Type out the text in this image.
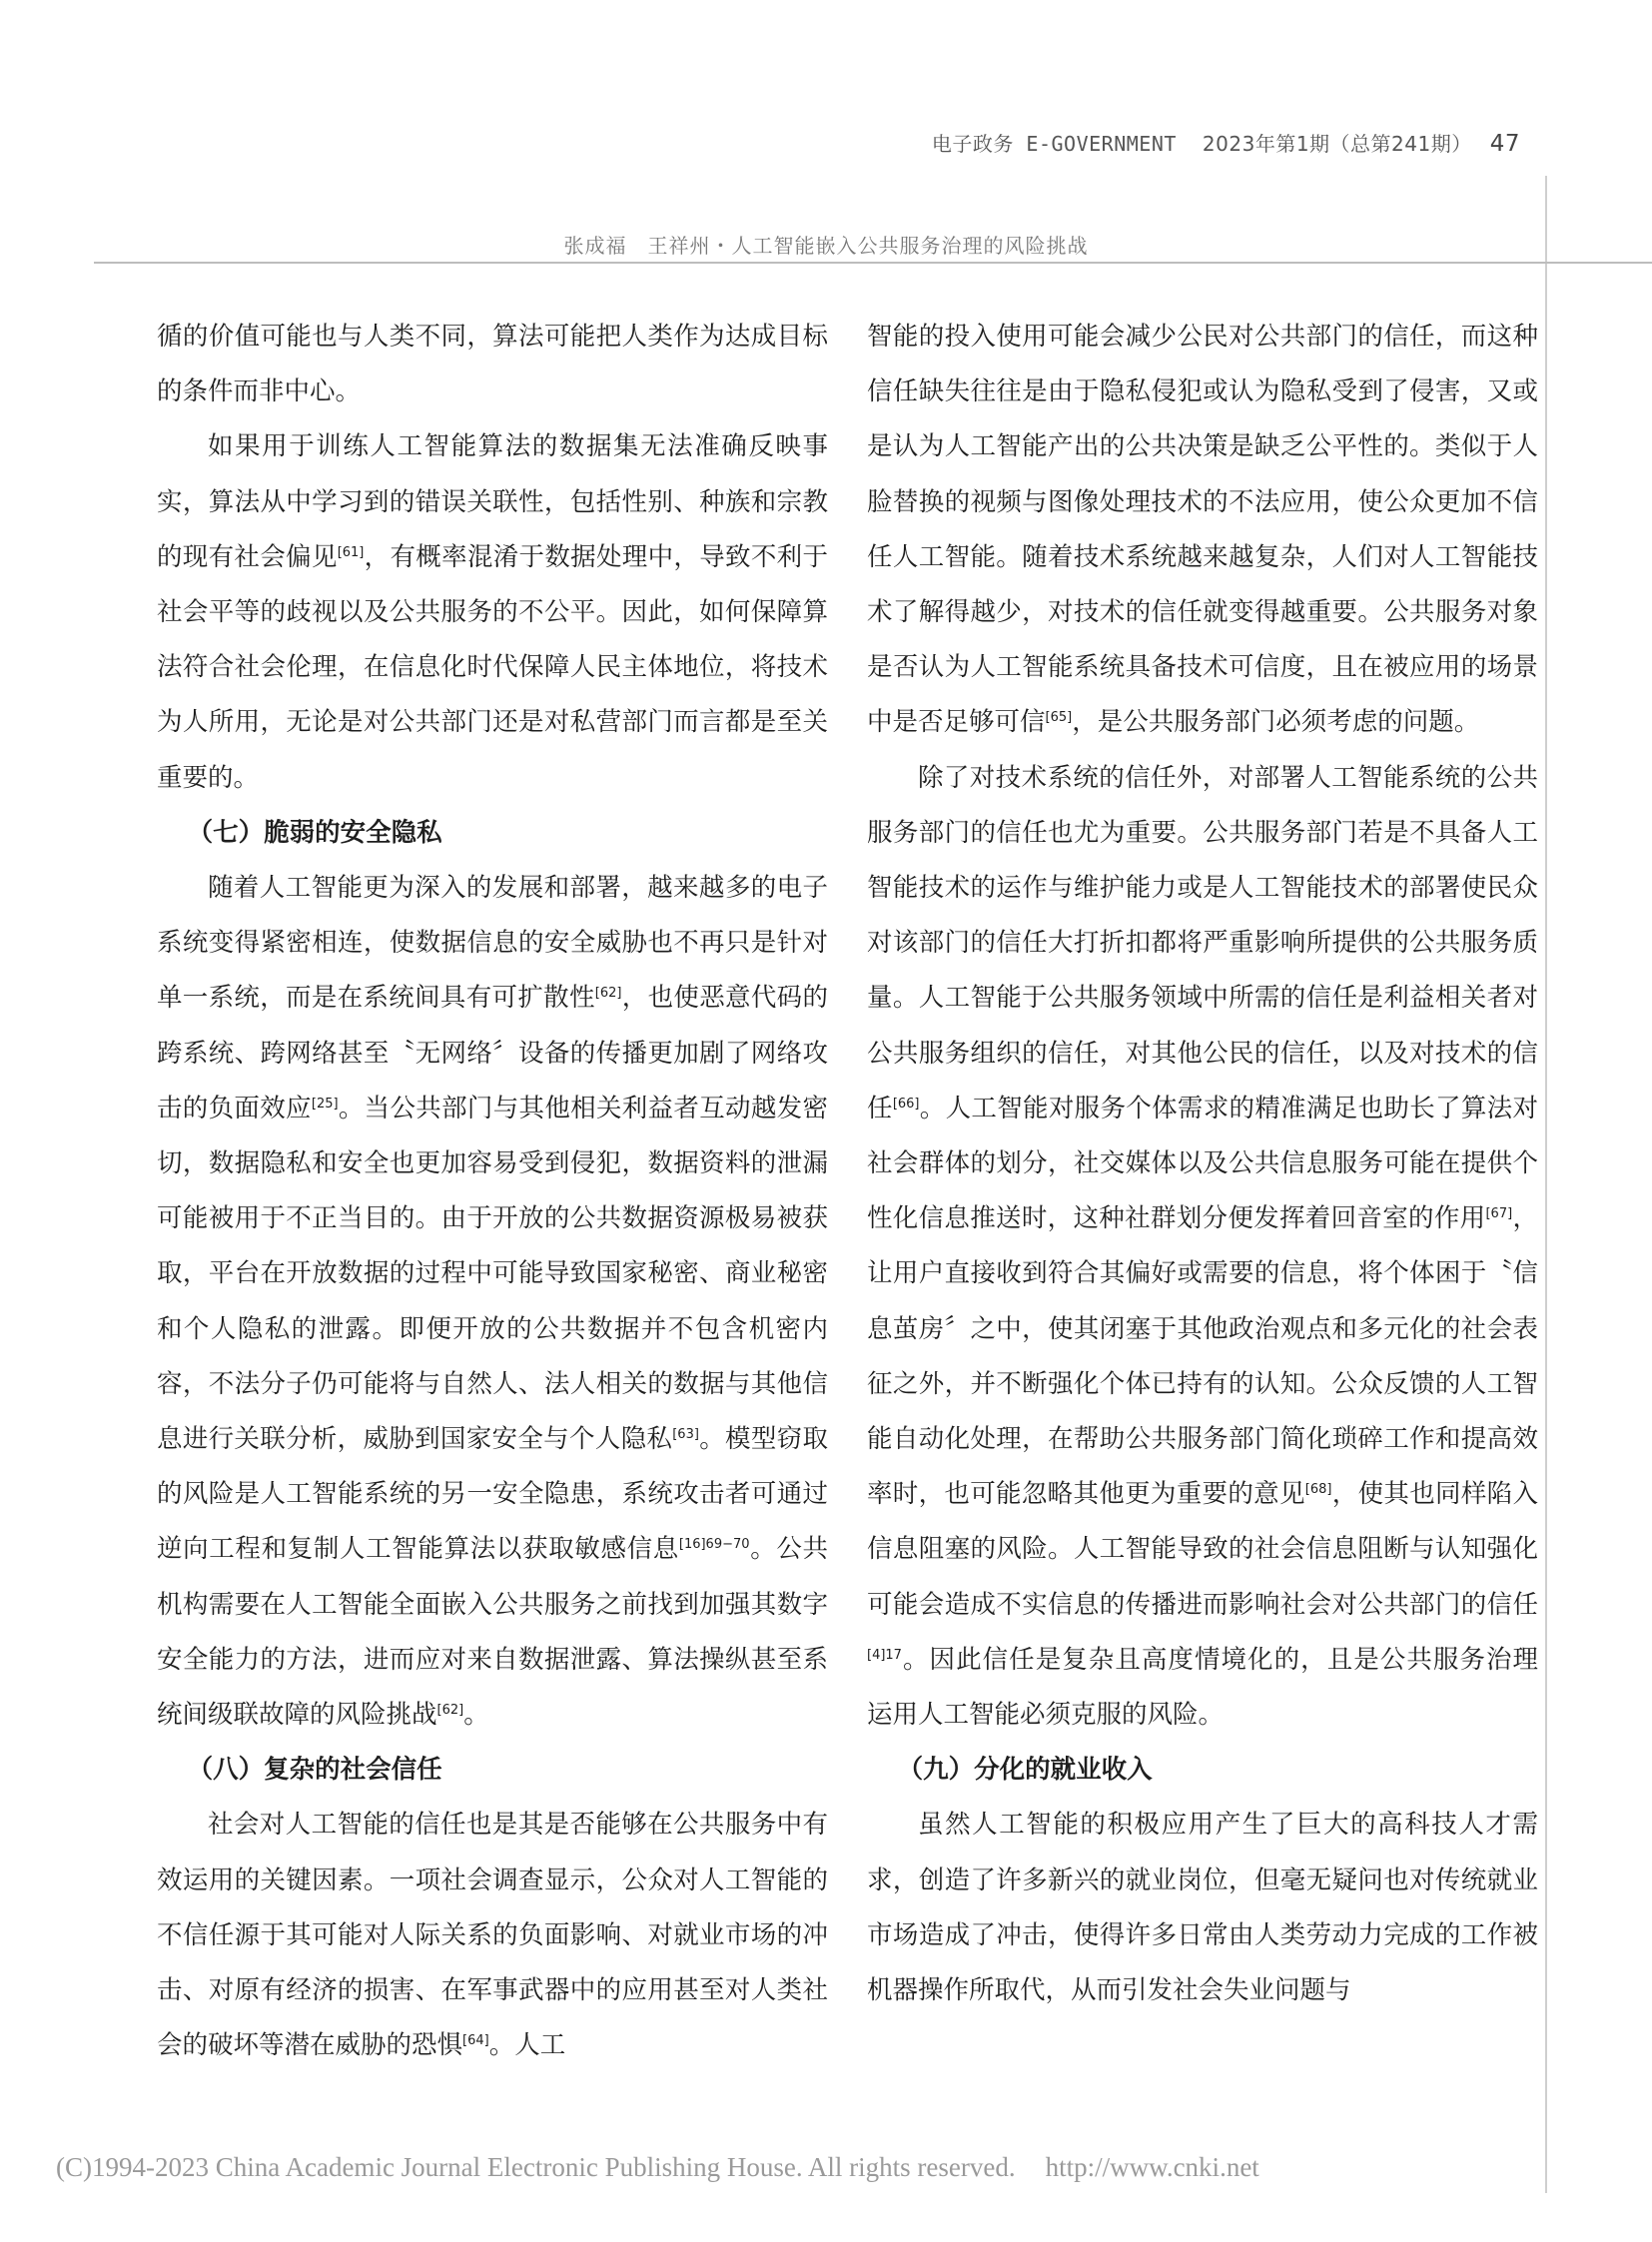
电子政务 E-GOVERNMENT 2023年第1期（总第241期） 47
张成福　王祥州・人工智能嵌入公共服务治理的风险挑战

循的价值可能也与人类不同，算法可能把人类作为达成目标的条件而非中心。

如果用于训练人工智能算法的数据集无法准确反映事实，算法从中学习到的错误关联性，包括性别、种族和宗教的现有社会偏见[61]，有概率混淆于数据处理中，导致不利于社会平等的歧视以及公共服务的不公平。因此，如何保障算法符合社会伦理，在信息化时代保障人民主体地位，将技术为人所用，无论是对公共部门还是对私营部门而言都是至关重要的。

（七）脆弱的安全隐私

随着人工智能更为深入的发展和部署，越来越多的电子系统变得紧密相连，使数据信息的安全威胁也不再只是针对单一系统，而是在系统间具有可扩散性[62]，也使恶意代码的跨系统、跨网络甚至〝无网络〞设备的传播更加剧了网络攻击的负面效应[25]。当公共部门与其他相关利益者互动越发密切，数据隐私和安全也更加容易受到侵犯，数据资料的泄漏可能被用于不正当目的。由于开放的公共数据资源极易被获取，平台在开放数据的过程中可能导致国家秘密、商业秘密和个人隐私的泄露。即便开放的公共数据并不包含机密内容，不法分子仍可能将与自然人、法人相关的数据与其他信息进行关联分析，威胁到国家安全与个人隐私[63]。模型窃取的风险是人工智能系统的另一安全隐患，系统攻击者可通过逆向工程和复制人工智能算法以获取敏感信息$^{[16]69-70}$。公共机构需要在人工智能全面嵌入公共服务之前找到加强其数字安全能力的方法，进而应对来自数据泄露、算法操纵甚至系统间级联故障的风险挑战[62]。

（八）复杂的社会信任

社会对人工智能的信任也是其是否能够在公共服务中有效运用的关键因素。一项社会调查显示，公众对人工智能的不信任源于其可能对人际关系的负面影响、对就业市场的冲击、对原有经济的损害、在军事武器中的应用甚至对人类社会的破坏等潜在威胁的恐惧[64]。人工

智能的投入使用可能会减少公民对公共部门的信任，而这种信任缺失往往是由于隐私侵犯或认为隐私受到了侵害，又或是认为人工智能产出的公共决策是缺乏公平性的。类似于人脸替换的视频与图像处理技术的不法应用，使公众更加不信任人工智能。随着技术系统越来越复杂，人们对人工智能技术了解得越少，对技术的信任就变得越重要。公共服务对象是否认为人工智能系统具备技术可信度，且在被应用的场景中是否足够可信[65]，是公共服务部门必须考虑的问题。

除了对技术系统的信任外，对部署人工智能系统的公共服务部门的信任也尤为重要。公共服务部门若是不具备人工智能技术的运作与维护能力或是人工智能技术的部署使民众对该部门的信任大打折扣都将严重影响所提供的公共服务质量。人工智能于公共服务领域中所需的信任是利益相关者对公共服务组织的信任，对其他公民的信任，以及对技术的信任[66]。人工智能对服务个体需求的精准满足也助长了算法对社会群体的划分，社交媒体以及公共信息服务可能在提供个性化信息推送时，这种社群划分便发挥着回音室的作用[67]，让用户直接收到符合其偏好或需要的信息，将个体困于〝信息茧房〞之中，使其闭塞于其他政治观点和多元化的社会表征之外，并不断强化个体已持有的认知。公众反馈的人工智能自动化处理，在帮助公共服务部门简化琐碎工作和提高效率时，也可能忽略其他更为重要的意见[68]，使其也同样陷入信息阻塞的风险。人工智能导致的社会信息阻断与认知强化可能会造成不实信息的传播进而影响社会对公共部门的信任$^{[4]17}$。因此信任是复杂且高度情境化的，且是公共服务治理运用人工智能必须克服的风险。

（九）分化的就业收入

虽然人工智能的积极应用产生了巨大的高科技人才需求，创造了许多新兴的就业岗位，但毫无疑问也对传统就业市场造成了冲击，使得许多日常由人类劳动力完成的工作被机器操作所取代，从而引发社会失业问题与

(C)1994-2023 China Academic Journal Electronic Publishing House. All rights reserved. http://www.cnki.net
